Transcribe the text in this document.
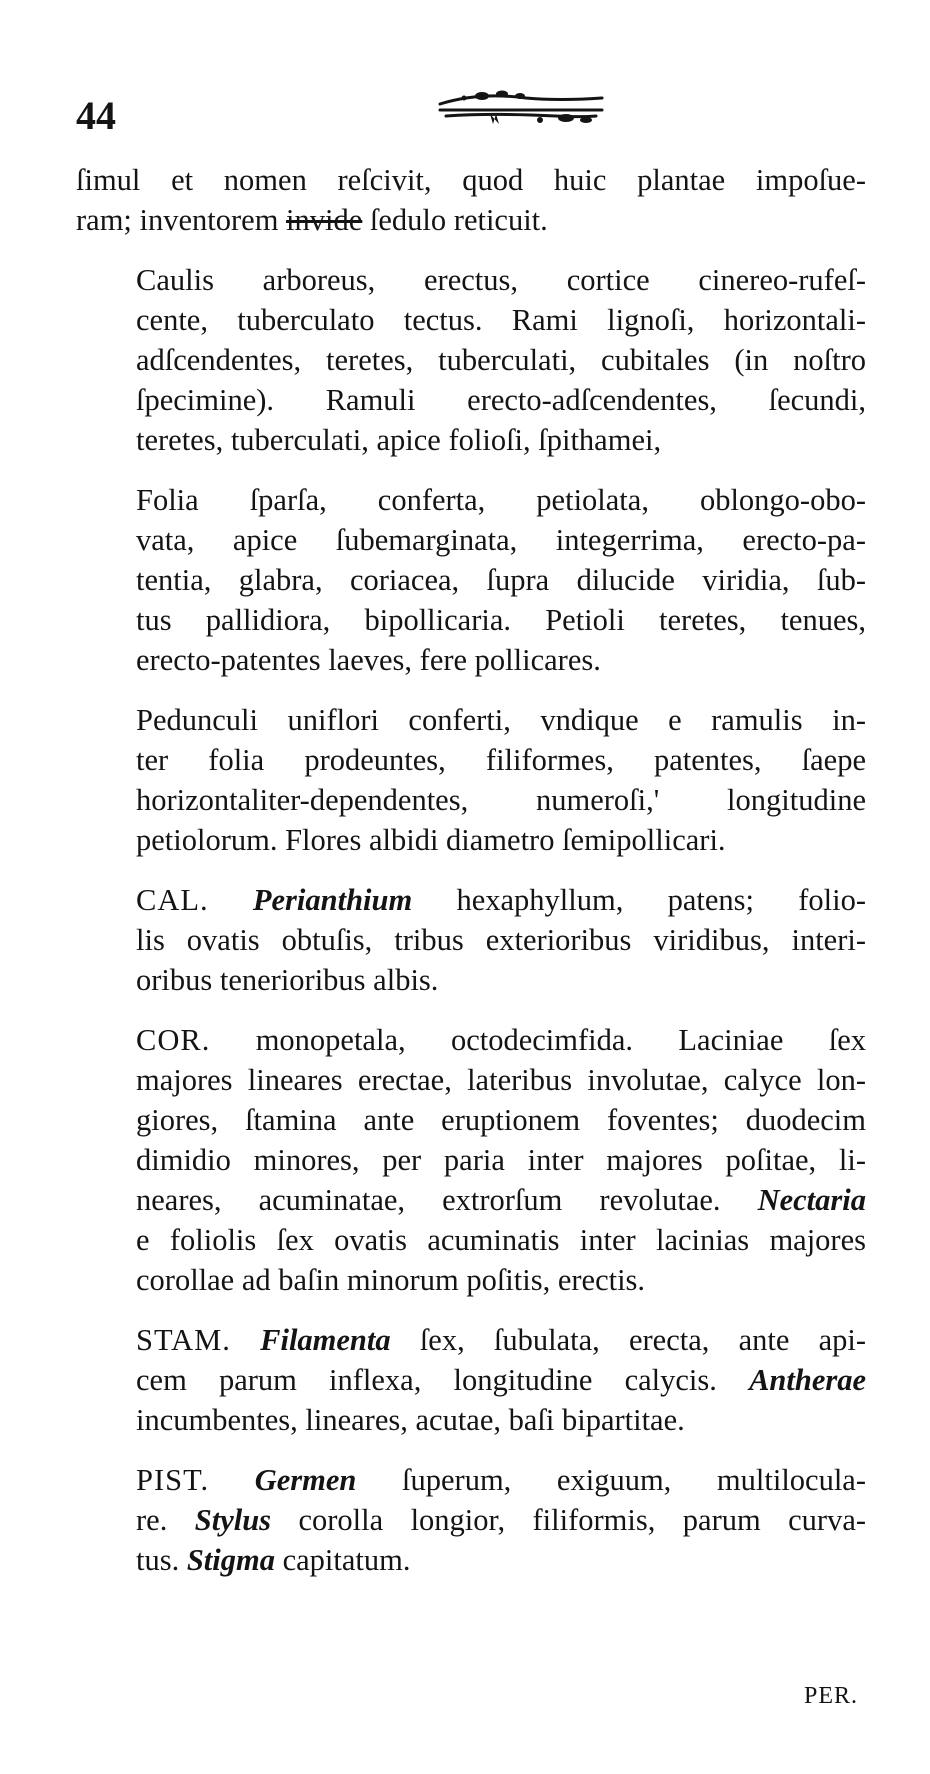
44

ſimul et nomen reſcivit, quod huic plantae impoſue-
ram; inventorem invide ſedulo reticuit.

Caulis arboreus, erectus, cortice cinereo-rufeſ-
cente, tuberculato tectus. Rami lignoſi, horizontali-
adſcendentes, teretes, tuberculati, cubitales (in noſtro
ſpecimine). Ramuli erecto-adſcendentes, ſecundi,
teretes, tuberculati, apice folioſi, ſpithamei,

Folia ſparſa, conferta, petiolata, oblongo-obo-
vata, apice ſubemarginata, integerrima, erecto-pa-
tentia, glabra, coriacea, ſupra dilucide viridia, ſub-
tus pallidiora, bipollicaria. Petioli teretes, tenues,
erecto-patentes laeves, fere pollicares.

Pedunculi uniflori conferti, vndique e ramulis in-
ter folia prodeuntes, filiformes, patentes, ſaepe
horizontaliter-dependentes, numeroſi,' longitudine
petiolorum. Flores albidi diametro ſemipollicari.

CAL. Perianthium hexaphyllum, patens; folio-
lis ovatis obtuſis, tribus exterioribus viridibus, interi-
oribus tenerioribus albis.

COR. monopetala, octodecimfida. Laciniae ſex
majores lineares erectae, lateribus involutae, calyce lon-
giores, ſtamina ante eruptionem foventes; duodecim
dimidio minores, per paria inter majores poſitae, li-
neares, acuminatae, extrorſum revolutae. Nectaria
e foliolis ſex ovatis acuminatis inter lacinias majores
corollae ad baſin minorum poſitis, erectis.

STAM. Filamenta ſex, ſubulata, erecta, ante api-
cem parum inflexa, longitudine calycis. Antherae
incumbentes, lineares, acutae, baſi bipartitae.

PIST. Germen ſuperum, exiguum, multilocula-
re. Stylus corolla longior, filiformis, parum curva-
tus. Stigma capitatum.

PER.
